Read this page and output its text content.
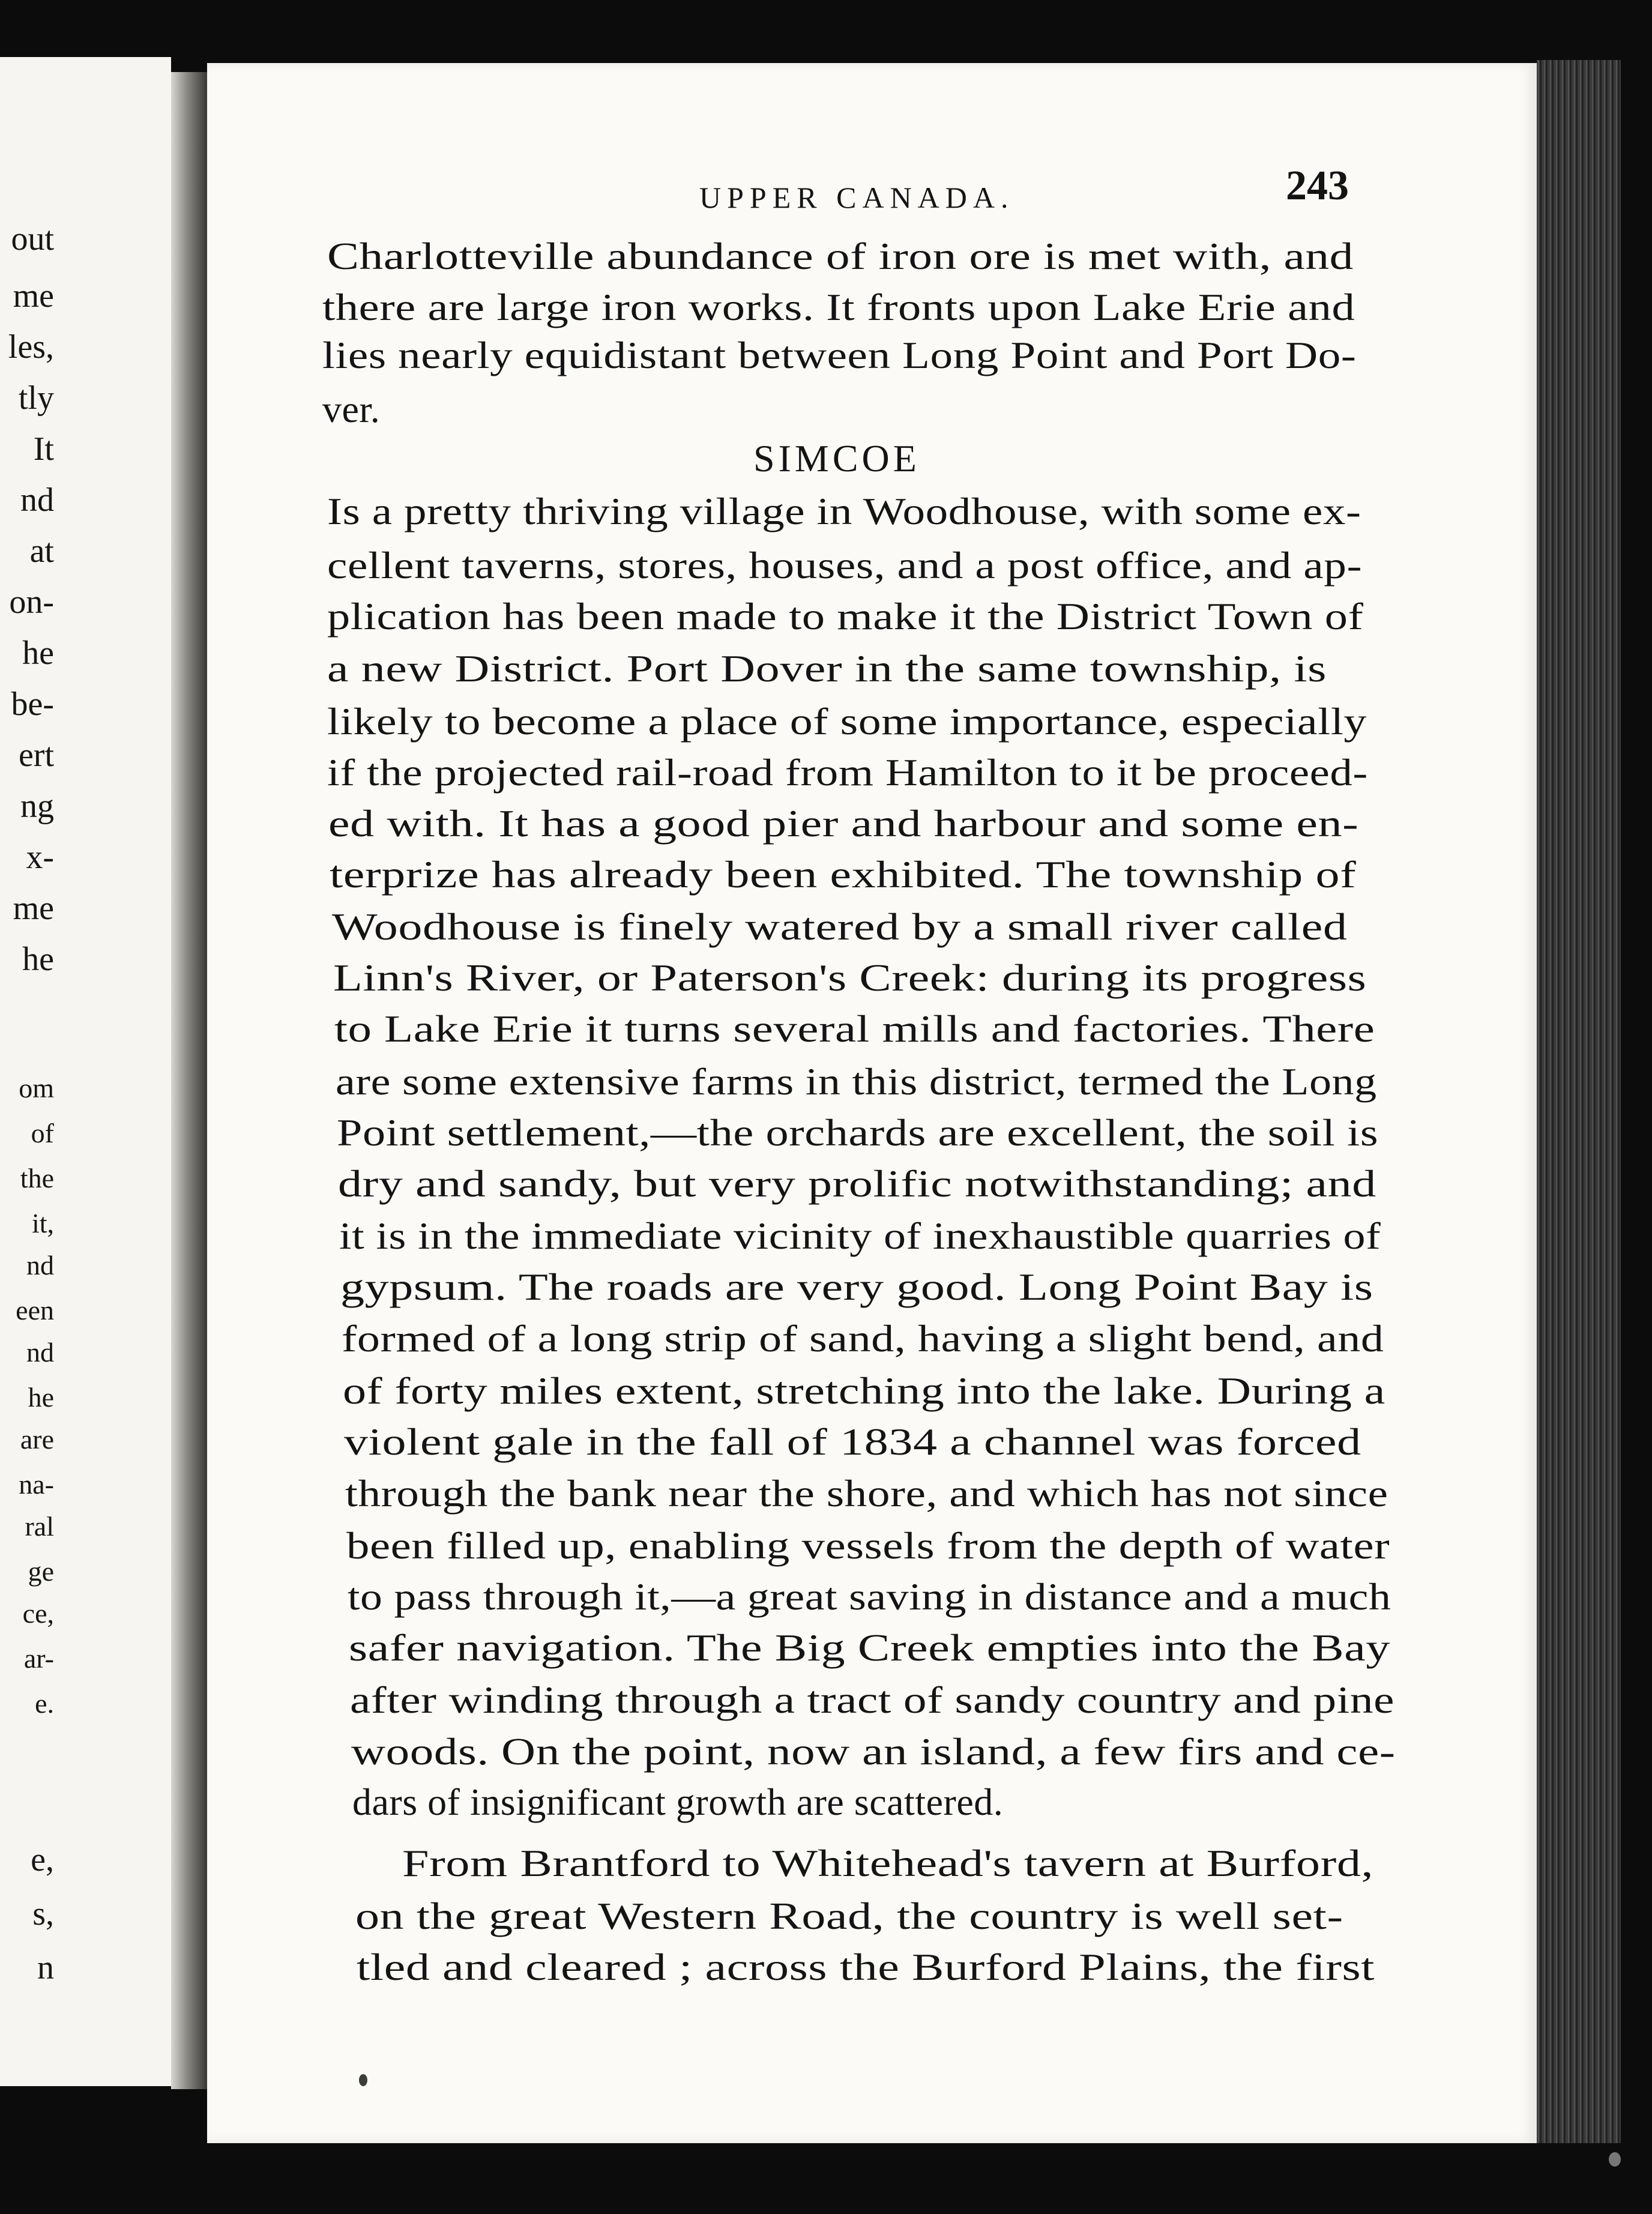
out
me
les,
tly
It
nd
at
on-
he
be-
ert
ng
x-
me
he
om
of
the
it,
nd
een
nd
he
are
na-
ral
ge
ce,
ar-
e.
e,
s,
n
UPPER CANADA.	243
Charlotteville abundance of iron ore is met with, and
there are large iron works. It fronts upon Lake Erie and
lies nearly equidistant between Long Point and Port Do-
ver.
SIMCOE
Is a pretty thriving village in Woodhouse, with some ex-
cellent taverns, stores, houses, and a post office, and ap-
plication has been made to make it the District Town of
a new District. Port Dover in the same township, is
likely to become a place of some importance, especially
if the projected rail-road from Hamilton to it be proceed-
ed with. It has a good pier and harbour and some en-
terprize has already been exhibited. The township of
Woodhouse is finely watered by a small river called
Linn's River, or Paterson's Creek: during its progress
to Lake Erie it turns several mills and factories. There
are some extensive farms in this district, termed the Long
Point settlement,—the orchards are excellent, the soil is
dry and sandy, but very prolific notwithstanding; and
it is in the immediate vicinity of inexhaustible quarries of
gypsum. The roads are very good. Long Point Bay is
formed of a long strip of sand, having a slight bend, and
of forty miles extent, stretching into the lake. During a
violent gale in the fall of 1834 a channel was forced
through the bank near the shore, and which has not since
been filled up, enabling vessels from the depth of water
to pass through it,—a great saving in distance and a much
safer navigation. The Big Creek empties into the Bay
after winding through a tract of sandy country and pine
woods. On the point, now an island, a few firs and ce-
dars of insignificant growth are scattered.
From Brantford to Whitehead's tavern at Burford,
on the great Western Road, the country is well set-
tled and cleared ; across the Burford Plains, the first
